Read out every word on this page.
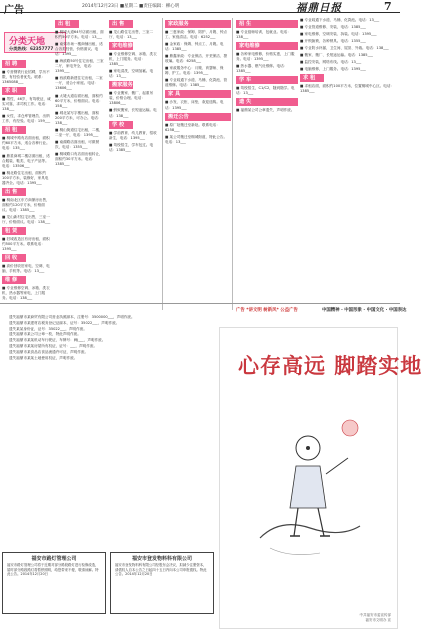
广告	2014年12月23日 ■星期二 ■责任编辑：柳心明	福鼎日报	7
分类天地
分类热线：62357777
招 聘
■ 专营钢铁行业招聘，学历不限，有经验者优先。联系：1365088___
求 职
■ 男性，46岁，有驾驶证，诚实可靠，求司机工作。电话：138___
■ 女性，求仓库管理员、出纳工作，有经验。电话：159___
招 租
■ 桐城中路有店面出租，面积约60平方米，适合各种行业。电话：135___
■ 鼎星商城二楼店面出租，适合服装、鞋类、电子产品等。电话：13506___
■ 桐北路住宅出租，面积约100平方米，装修好，家具电器齐全。电话：1395___
出 售
■ 桐南北区东方商厦房出售，面积约120平方米，价格面议。电话：1385___
■ 龙山新村住宅出售，三室一厅，价格面议。电话：138___
租 赁
■ 旧城改造区有房出租，面积约500平方米。联系电话：1395___
回 收
■ 高价回收旧家电、空调、电脑、手机等。电话：13___
维 修
■ 专业维修空调、冰箱、洗衣机、热水器等家电，上门服务。电话：138___
出 租
■ 桐城大道64号店面出租，面积约50平方米。电话：13___
■ 南郊市场一楼商铺出租，适合各类经营，价格面议。电话：1395___
■ 海滨路50号住宅出租，三室二厅，家电齐全，电话：1395___
■ 西滨路新建住宅出租，二室一厅，适合小家庭。电话：13606___
■ 太姥大道店面出租，面积约60平方米，价格面议。电话：158___
■ 城北某写字楼出租，面积200平方米，可办公。电话：138___
■ 桐山街道住宅出租，二楼，二室一厅，电话：1395___
■ 南湖路店面出租，可做餐饮，电话：1355___
■ 桐城路口有店面出租转让，面积约30平方米。电话：1385___
出 售
■ 龙山路住宅出售，三室二厅，电话：13___
家电维修
■ 专业维修空调、冰箱、洗衣机，上门服务。电话：1385___
■ 家电清洗，空调加氟。电话：13___
搬家服务
■ 专业搬家、搬厂、起重吊装，价格合理。电话：13806___
■ 蚂蚁搬家，长短途运输。电话：138___
学 校
■ 学前教育、幼儿教育，招收新生，电话：1395___
■ 驾校招生，学车包过。电话：1385___
家政服务
■ 三惠家政：保姆、陪护、月嫂、钟点工、家庭清洁。电话：6252___
■ 金家政：保姆、钟点工、月嫂。电话：1385___
■ 鼎鑫家政：专业保洁、开荒保洁、擦玻璃。电话：6258___
■ 家政服务中心：月嫂、育婴师、保姆、护工。电话：1395___
■ 专业疏通下水道、马桶、化粪池、管道维修。电话：1385___
家 具
■ 沙发、衣柜、床垫，欢迎选购。电话：1395___
搬迁公告
■ 原厂址搬迁至新址。联系电话：6258___
■ 某公司搬迁至桐城街道，特此公告。电话：13___
招 生
■ 专业厨师培训，包就业。电话：138___
家电维修
■ 各种家电维修，价格实惠，上门服务。电话：1395___
■ 热水器、燃气灶维修。电话：1385___
学 车
■ 驾校招生，C1/C2，随到随学。电话：13___
遗 失
■ 福鼎某公司公章遗失，声明作废。
■ 专业疏通下水道、马桶、化粪池。电话：13___
■ 专业管道维修、安装，电话：1385___
■ 家电维修，空调安装、拆装。电话：1395___
■ 开锁换锁，各种锁具。电话：1355___
■ 专业防水补漏，卫生间、屋顶、外墙。电话：138___
■ 搬家、搬厂、长短途运输。电话：1385___
■ 监控安装，网络布线。电话：13___
■ 电脑维修，上门服务。电话：1395___
求 租
■ 求租店面，面积约100平方米，位置桐城中心区。电话：1385___

遗失福鼎市某商贸有限公司营业执照副本，注册号：3500000___，声明作废。

遗失福鼎市某建材店税务登记证副本，证号：35022___，声明作废。

遗失某某身份证，证号：35022___，声明作废。

遗失福鼎市某公司公章一枚，特此声明作废。

遗失福鼎市某某机动车行驶证，车牌号：闽J___，声明作废。

遗失福鼎市某某房屋所有权证，证号：___，声明作废。

遗失福鼎市某食品店食品流通许可证，声明作废。

遗失福鼎市某某土地使用权证，声明作废。

福安市路灯管理公司
福安市路灯管理公司将于近期对部分路段路灯进行检修改造，届时部分路段路灯将暂停照明，给您带来不便，敬请谅解。特此公告。2014年12月20日
福安市登发物料科有限公司
福安市登发物料科有限公司经股东会决议，拟减少注册资本，请债权人自本公告之日起四十五日内向本公司申报债权。特此公告。2014年12月20日
广告 *讲文明 树新风* 公益广告	中国精神 · 中国形象 · 中国文化 · 中国表达
心存高远 脚踏实地
中共福安市委宣传部
福安市文明办 宣
